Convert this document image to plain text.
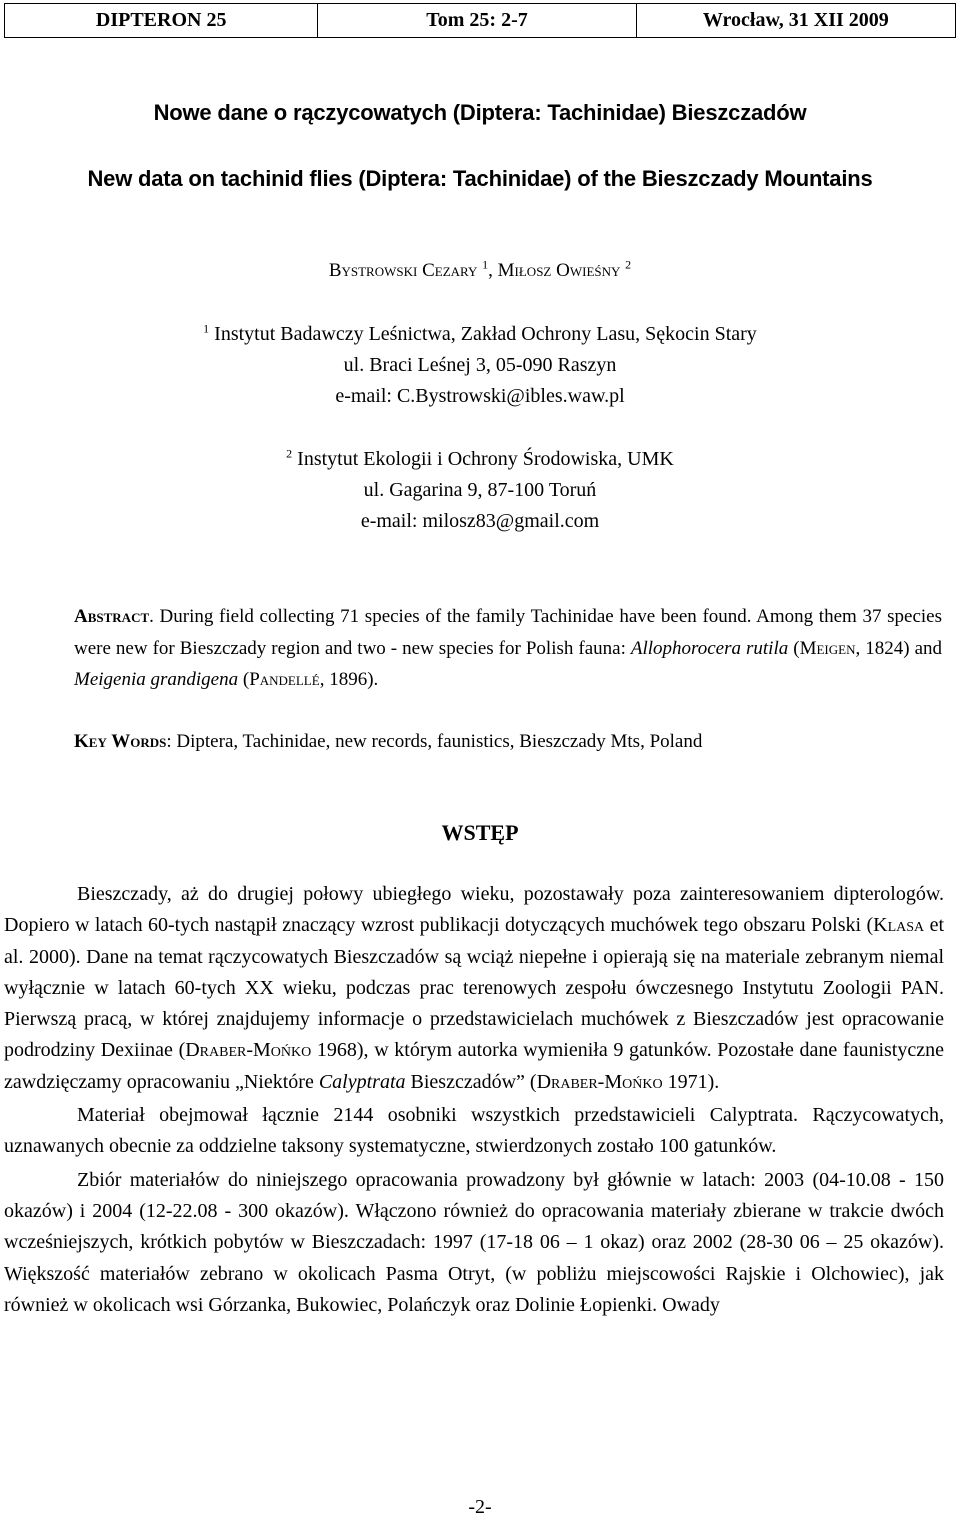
DIPTERON 25	Tom 25: 2-7	Wrocław, 31 XII 2009
Nowe dane o rączycowatych (Diptera: Tachinidae) Bieszczadów
New data on tachinid flies (Diptera: Tachinidae) of the Bieszczady Mountains
Bystrowski Cezary $^1$, Miłosz Owieśny $^2$
$^1$ Instytut Badawczy Leśnictwa, Zakład Ochrony Lasu, Sękocin Stary
ul. Braci Leśnej 3, 05-090 Raszyn
e-mail: C.Bystrowski@ibles.waw.pl
$^2$ Instytut Ekologii i Ochrony Środowiska, UMK
ul. Gagarina 9, 87-100 Toruń
e-mail: milosz83@gmail.com

Abstract. During field collecting 71 species of the family Tachinidae have been found. Among them 37 species were new for Bieszczady region and two - new species for Polish fauna: Allophorocera rutila (Meigen, 1824) and Meigenia grandigena (Pandellé, 1896).

Key Words: Diptera, Tachinidae, new records, faunistics, Bieszczady Mts, Poland
WSTĘP

Bieszczady, aż do drugiej połowy ubiegłego wieku, pozostawały poza zainteresowaniem dipterologów. Dopiero w latach 60-tych nastąpił znaczący wzrost publikacji dotyczących muchówek tego obszaru Polski (Klasa et al. 2000). Dane na temat rączycowatych Bieszczadów są wciąż niepełne i opierają się na materiale zebranym niemal wyłącznie w latach 60-tych XX wieku, podczas prac terenowych zespołu ówczesnego Instytutu Zoologii PAN. Pierwszą pracą, w której znajdujemy informacje o przedstawicielach muchówek z Bieszczadów jest opracowanie podrodziny Dexiinae (Draber-Mońko 1968), w którym autorka wymieniła 9 gatunków. Pozostałe dane faunistyczne zawdzięczamy opracowaniu „Niektóre Calyptrata Bieszczadów” (Draber-Mońko 1971).

Materiał obejmował łącznie 2144 osobniki wszystkich przedstawicieli Calyptrata. Rączycowatych, uznawanych obecnie za oddzielne taksony systematyczne, stwierdzonych zostało 100 gatunków.

Zbiór materiałów do niniejszego opracowania prowadzony był głównie w latach: 2003 (04-10.08 - 150 okazów) i 2004 (12-22.08 - 300 okazów). Włączono również do opracowania materiały zbierane w trakcie dwóch wcześniejszych, krótkich pobytów w Bieszczadach: 1997 (17-18 06 – 1 okaz) oraz 2002 (28-30 06 – 25 okazów). Większość materiałów zebrano w okolicach Pasma Otryt, (w pobliżu miejscowości Rajskie i Olchowiec), jak również w okolicach wsi Górzanka, Bukowiec, Polańczyk oraz Dolinie Łopienki. Owady

-2-
